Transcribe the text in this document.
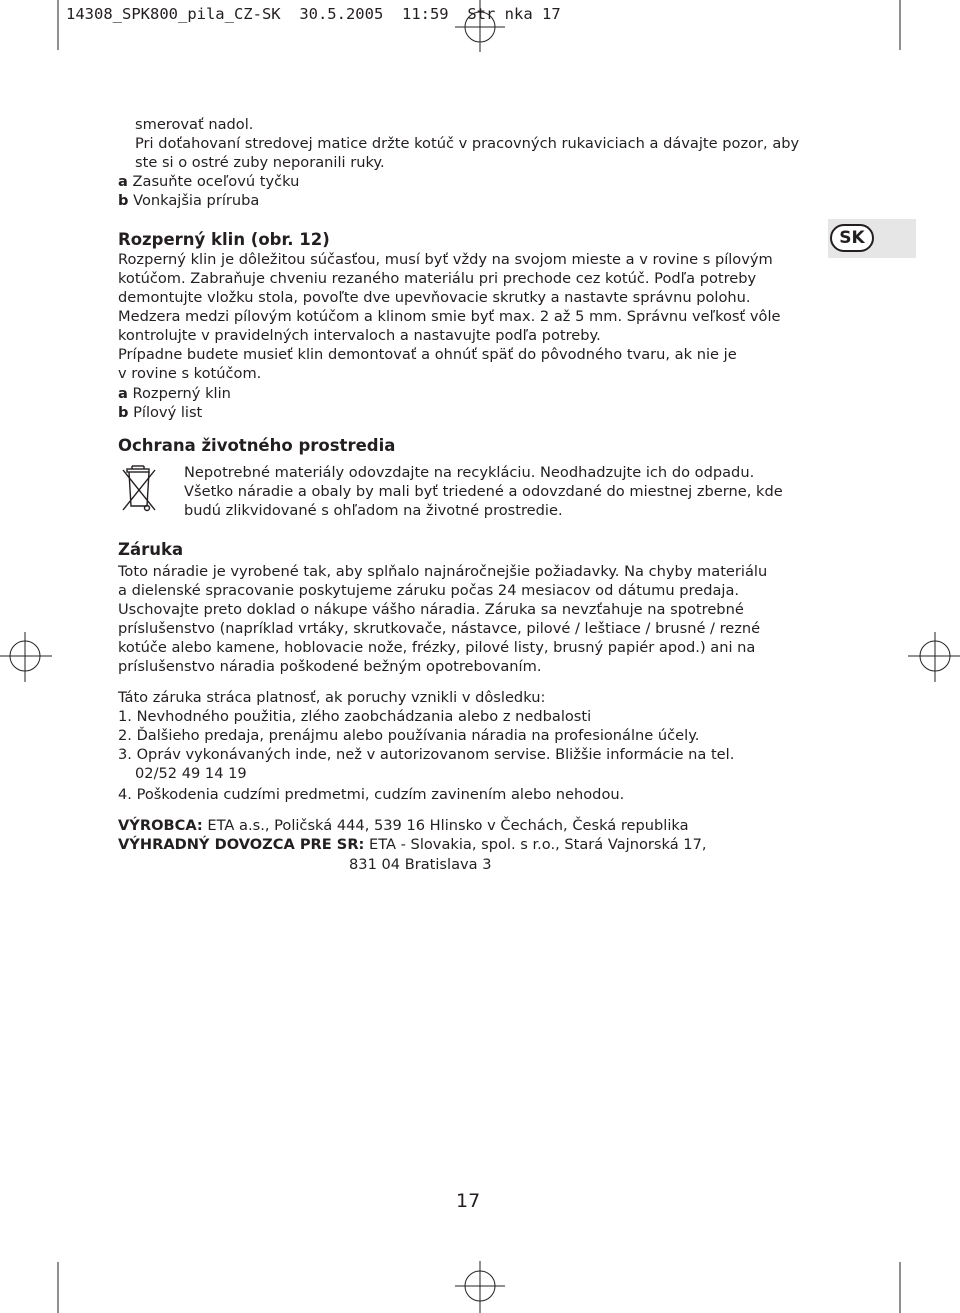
14308_SPK800_pila_CZ-SK 30.5.2005 11:59 Str nka 17
smerovať nadol.
Pri doťahovaní stredovej matice držte kotúč v pracovných rukaviciach a dávajte pozor, aby
ste si o ostré zuby neporanili ruky.
a Zasuňte oceľovú tyčku
b Vonkajšia príruba
SK
Rozperný klin (obr. 12)
Rozperný klin je dôležitou súčasťou, musí byť vždy na svojom mieste a v rovine s pílovým
kotúčom. Zabraňuje chveniu rezaného materiálu pri prechode cez kotúč. Podľa potreby
demontujte vložku stola, povoľte dve upevňovacie skrutky a nastavte správnu polohu.
Medzera medzi pílovým kotúčom a klinom smie byť max. 2 až 5 mm. Správnu veľkosť vôle
kontrolujte v pravidelných intervaloch a nastavujte podľa potreby.
Prípadne budete musieť klin demontovať a ohnúť späť do pôvodného tvaru, ak nie je
v rovine s kotúčom.
a Rozperný klin
b Pílový list
Ochrana životného prostredia
Nepotrebné materiály odovzdajte na recykláciu. Neodhadzujte ich do odpadu.
Všetko náradie a obaly by mali byť triedené a odovzdané do miestnej zberne, kde
budú zlikvidované s ohľadom na životné prostredie.
Záruka
Toto náradie je vyrobené tak, aby splňalo najnáročnejšie požiadavky. Na chyby materiálu
a dielenské spracovanie poskytujeme záruku počas 24 mesiacov od dátumu predaja.
Uschovajte preto doklad o nákupe vášho náradia. Záruka sa nevzťahuje na spotrebné
príslušenstvo (napríklad vrtáky, skrutkovače, nástavce, pilové / leštiace / brusné / rezné
kotúče alebo kamene, hoblovacie nože, frézky, pilové listy, brusný papiér apod.) ani na
príslušenstvo náradia poškodené bežným opotrebovaním.
Táto záruka stráca platnosť, ak poruchy vznikli v dôsledku:
1. Nevhodného použitia, zlého zaobchádzania alebo z nedbalosti
2. Ďalšieho predaja, prenájmu alebo používania náradia na profesionálne účely.
3. Opráv vykonávaných inde, než v autorizovanom servise. Bližšie informácie na tel.
02/52 49 14 19
4. Poškodenia cudzími predmetmi, cudzím zavinením alebo nehodou.
VÝROBCA: ETA a.s., Poličská 444, 539 16 Hlinsko v Čechách, Česká republika
VÝHRADNÝ DOVOZCA PRE SR: ETA - Slovakia, spol. s r.o., Stará Vajnorská 17,
831 04 Bratislava 3
17
